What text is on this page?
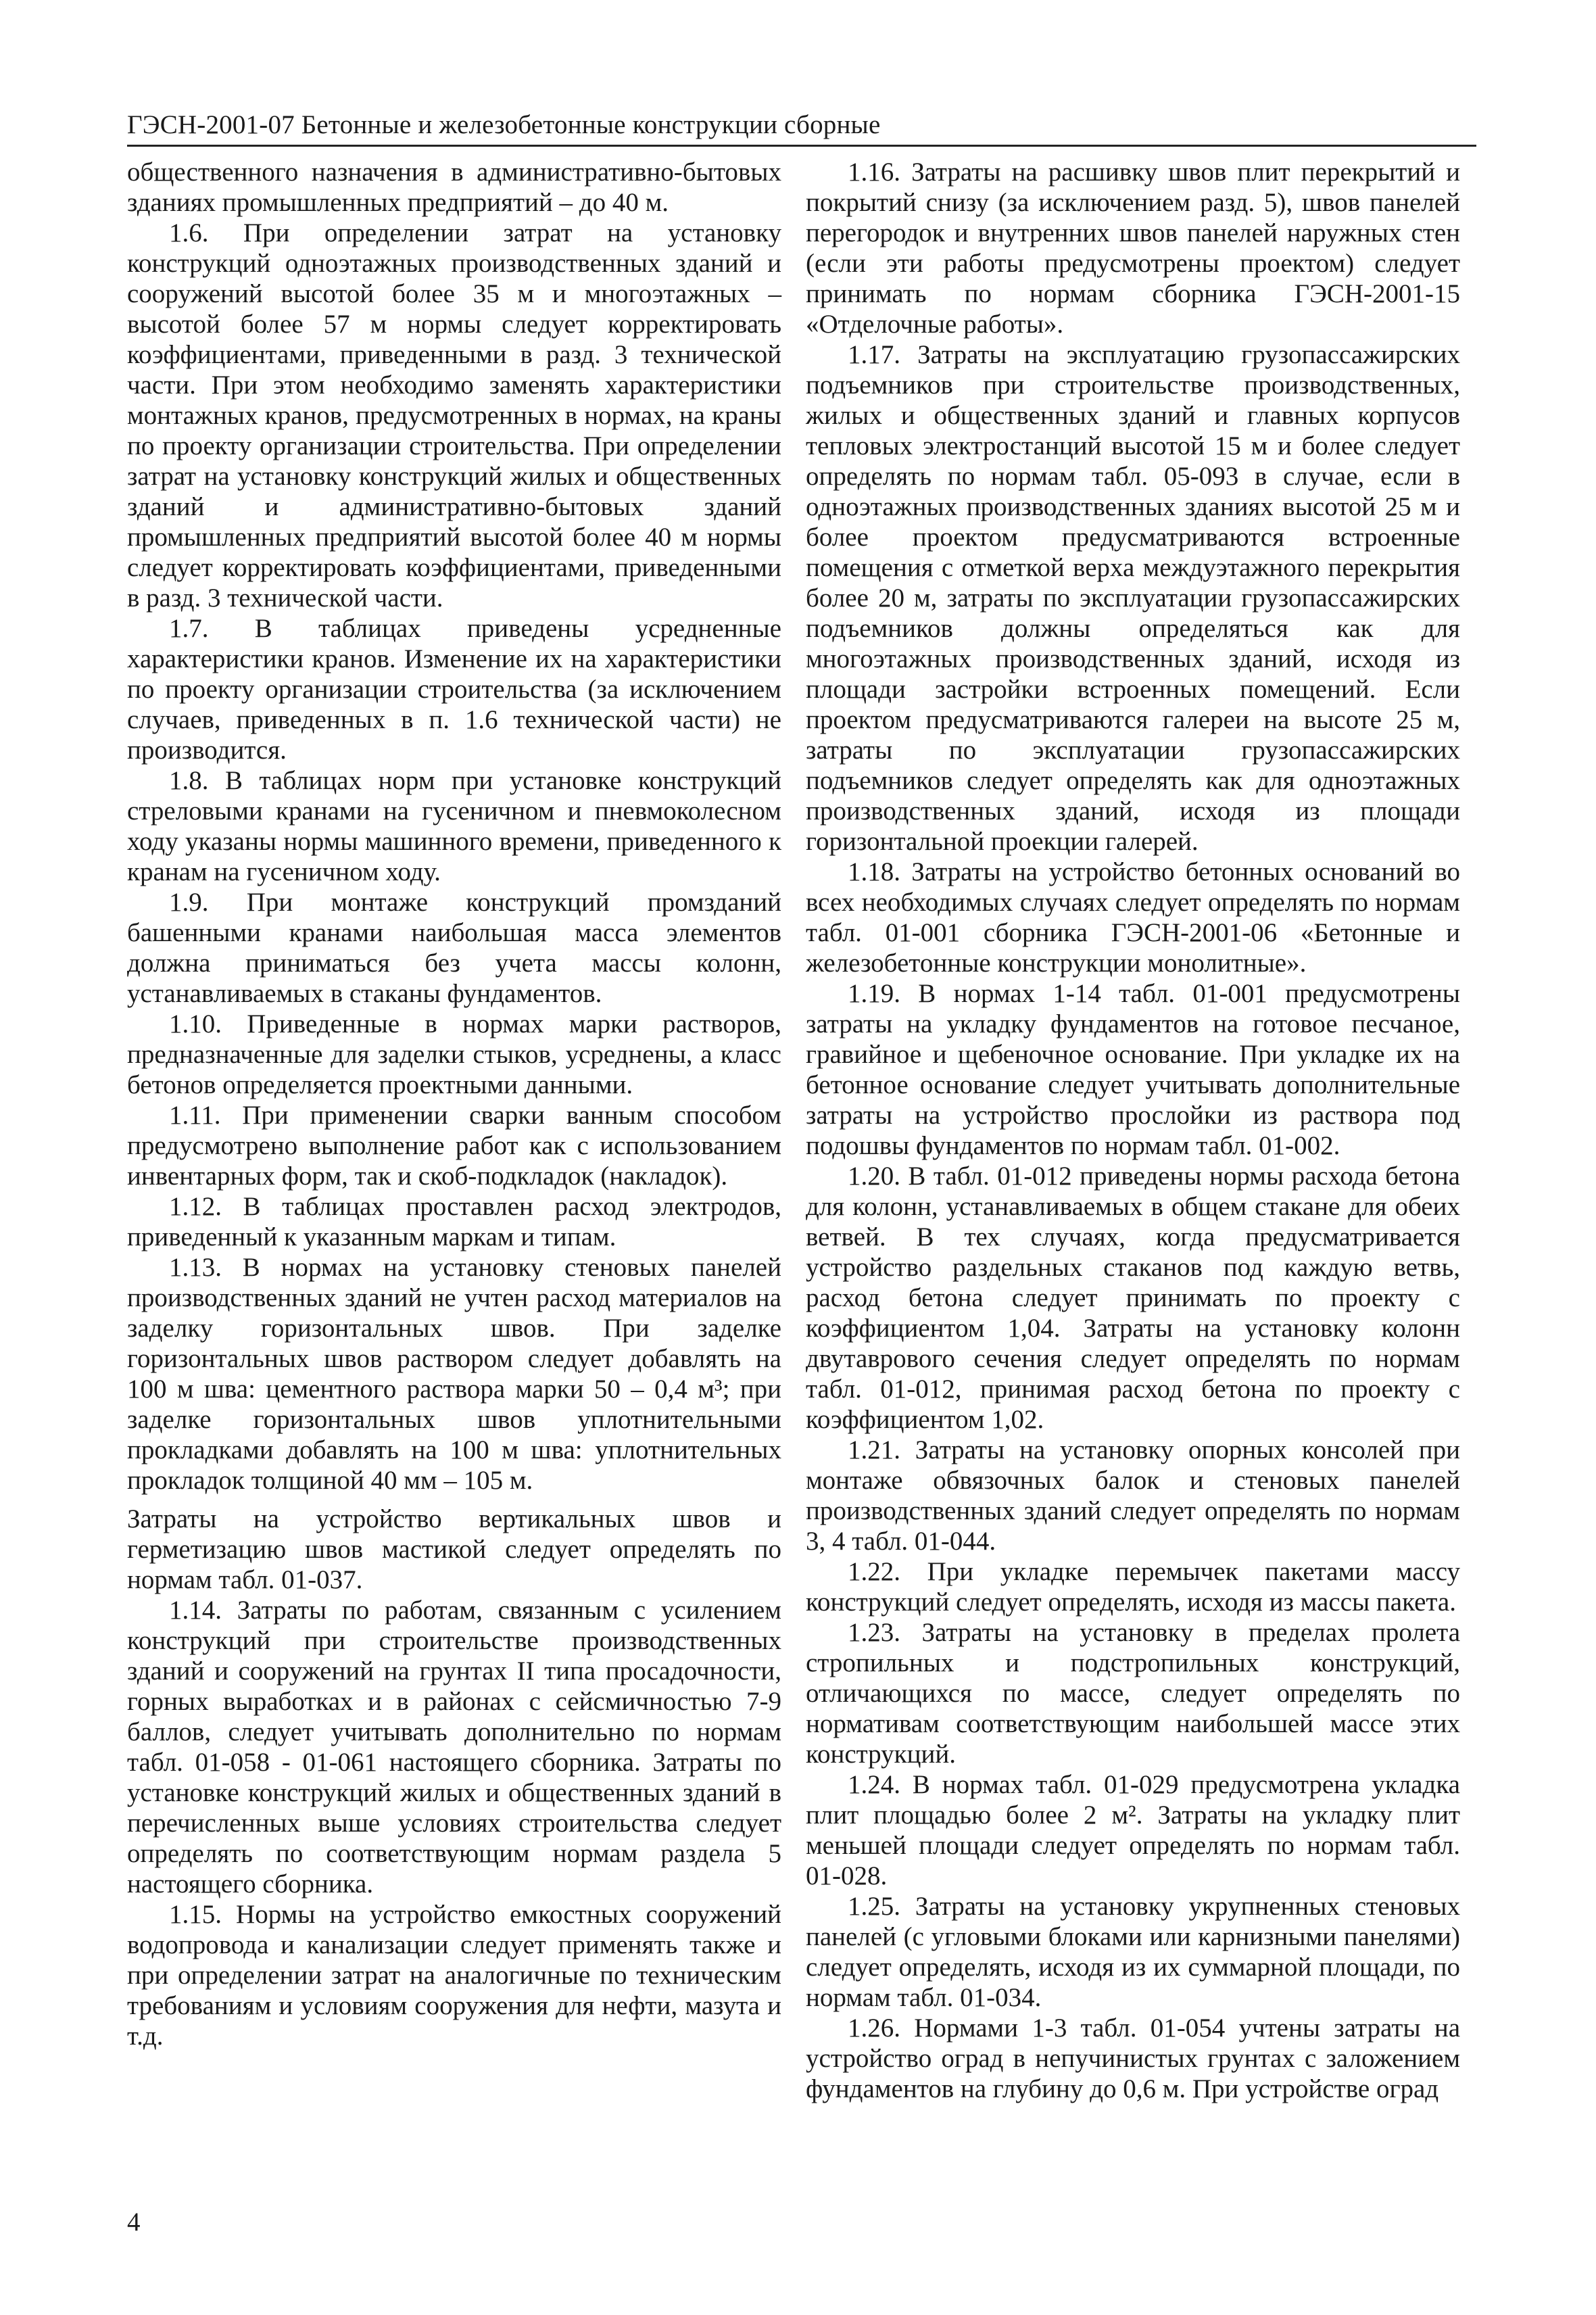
ГЭСН-2001-07 Бетонные и железобетонные конструкции сборные

общественного назначения в административно-бытовых зданиях промышленных предприятий – до 40 м.

1.6. При определении затрат на установку конструкций одноэтажных производственных зданий и сооружений высотой более 35 м и многоэтажных – высотой более 57 м нормы следует корректировать коэффициентами, приведенными в разд. 3 технической части. При этом необходимо заменять характеристики монтажных кранов, предусмотренных в нормах, на краны по проекту организации строительства. При определении затрат на установку конструкций жилых и общественных зданий и административно-бытовых зданий промышленных предприятий высотой более 40 м нормы следует корректировать коэффициентами, приведенными в разд. 3 технической части.

1.7. В таблицах приведены усредненные характеристики кранов. Изменение их на характеристики по проекту организации строительства (за исключением случаев, приведенных в п. 1.6 технической части) не производится.

1.8. В таблицах норм при установке конструкций стреловыми кранами на гусеничном и пневмоколесном ходу указаны нормы машинного времени, приведенного к кранам на гусеничном ходу.

1.9. При монтаже конструкций промзданий башенными кранами наибольшая масса элементов должна приниматься без учета массы колонн, устанавливаемых в стаканы фундаментов.

1.10. Приведенные в нормах марки растворов, предназначенные для заделки стыков, усреднены, а класс бетонов определяется проектными данными.

1.11. При применении сварки ванным способом предусмотрено выполнение работ как с использованием инвентарных форм, так и скоб-подкладок (накладок).

1.12. В таблицах проставлен расход электродов, приведенный к указанным маркам и типам.

1.13. В нормах на установку стеновых панелей производственных зданий не учтен расход материалов на заделку горизонтальных швов. При заделке горизонтальных швов раствором следует добавлять на 100 м шва: цементного раствора марки 50 – 0,4 м³; при заделке горизонтальных швов уплотнительными прокладками добавлять на 100 м шва: уплотнительных прокладок толщиной 40 мм – 105 м.

Затраты на устройство вертикальных швов и герметизацию швов мастикой следует определять по нормам табл. 01-037.

1.14. Затраты по работам, связанным с усилением конструкций при строительстве производственных зданий и сооружений на грунтах II типа просадочности, горных выработках и в районах с сейсмичностью 7-9 баллов, следует учитывать дополнительно по нормам табл. 01-058 - 01-061 настоящего сборника. Затраты по установке конструкций жилых и общественных зданий в перечисленных выше условиях строительства следует определять по соответствующим нормам раздела 5 настоящего сборника.

1.15. Нормы на устройство емкостных сооружений водопровода и канализации следует применять также и при определении затрат на аналогичные по техническим требованиям и условиям сооружения для нефти, мазута и т.д.

1.16. Затраты на расшивку швов плит перекрытий и покрытий снизу (за исключением разд. 5), швов панелей перегородок и внутренних швов панелей наружных стен (если эти работы предусмотрены проектом) следует принимать по нормам сборника ГЭСН-2001-15 «Отделочные работы».

1.17. Затраты на эксплуатацию грузопассажирских подъемников при строительстве производственных, жилых и общественных зданий и главных корпусов тепловых электростанций высотой 15 м и более следует определять по нормам табл. 05-093 в случае, если в одноэтажных производственных зданиях высотой 25 м и более проектом предусматриваются встроенные помещения с отметкой верха междуэтажного перекрытия более 20 м, затраты по эксплуатации грузопассажирских подъемников должны определяться как для многоэтажных производственных зданий, исходя из площади застройки встроенных помещений. Если проектом предусматриваются галереи на высоте 25 м, затраты по эксплуатации грузопассажирских подъемников следует определять как для одноэтажных производственных зданий, исходя из площади горизонтальной проекции галерей.

1.18. Затраты на устройство бетонных оснований во всех необходимых случаях следует определять по нормам табл. 01-001 сборника ГЭСН-2001-06 «Бетонные и железобетонные конструкции монолитные».

1.19. В нормах 1-14 табл. 01-001 предусмотрены затраты на укладку фундаментов на готовое песчаное, гравийное и щебеночное основание. При укладке их на бетонное основание следует учитывать дополнительные затраты на устройство прослойки из раствора под подошвы фундаментов по нормам табл. 01-002.

1.20. В табл. 01-012 приведены нормы расхода бетона для колонн, устанавливаемых в общем стакане для обеих ветвей. В тех случаях, когда предусматривается устройство раздельных стаканов под каждую ветвь, расход бетона следует принимать по проекту с коэффициентом 1,04. Затраты на установку колонн двутаврового сечения следует определять по нормам табл. 01-012, принимая расход бетона по проекту с коэффициентом 1,02.

1.21. Затраты на установку опорных консолей при монтаже обвязочных балок и стеновых панелей производственных зданий следует определять по нормам 3, 4 табл. 01-044.

1.22. При укладке перемычек пакетами массу конструкций следует определять, исходя из массы пакета.

1.23. Затраты на установку в пределах пролета стропильных и подстропильных конструкций, отличающихся по массе, следует определять по нормативам соответствующим наибольшей массе этих конструкций.

1.24. В нормах табл. 01-029 предусмотрена укладка плит площадью более 2 м². Затраты на укладку плит меньшей площади следует определять по нормам табл. 01-028.

1.25. Затраты на установку укрупненных стеновых панелей (с угловыми блоками или карнизными панелями) следует определять, исходя из их суммарной площади, по нормам табл. 01-034.

1.26. Нормами 1-3 табл. 01-054 учтены затраты на устройство оград в непучинистых грунтах с заложением фундаментов на глубину до 0,6 м. При устройстве оград

4
